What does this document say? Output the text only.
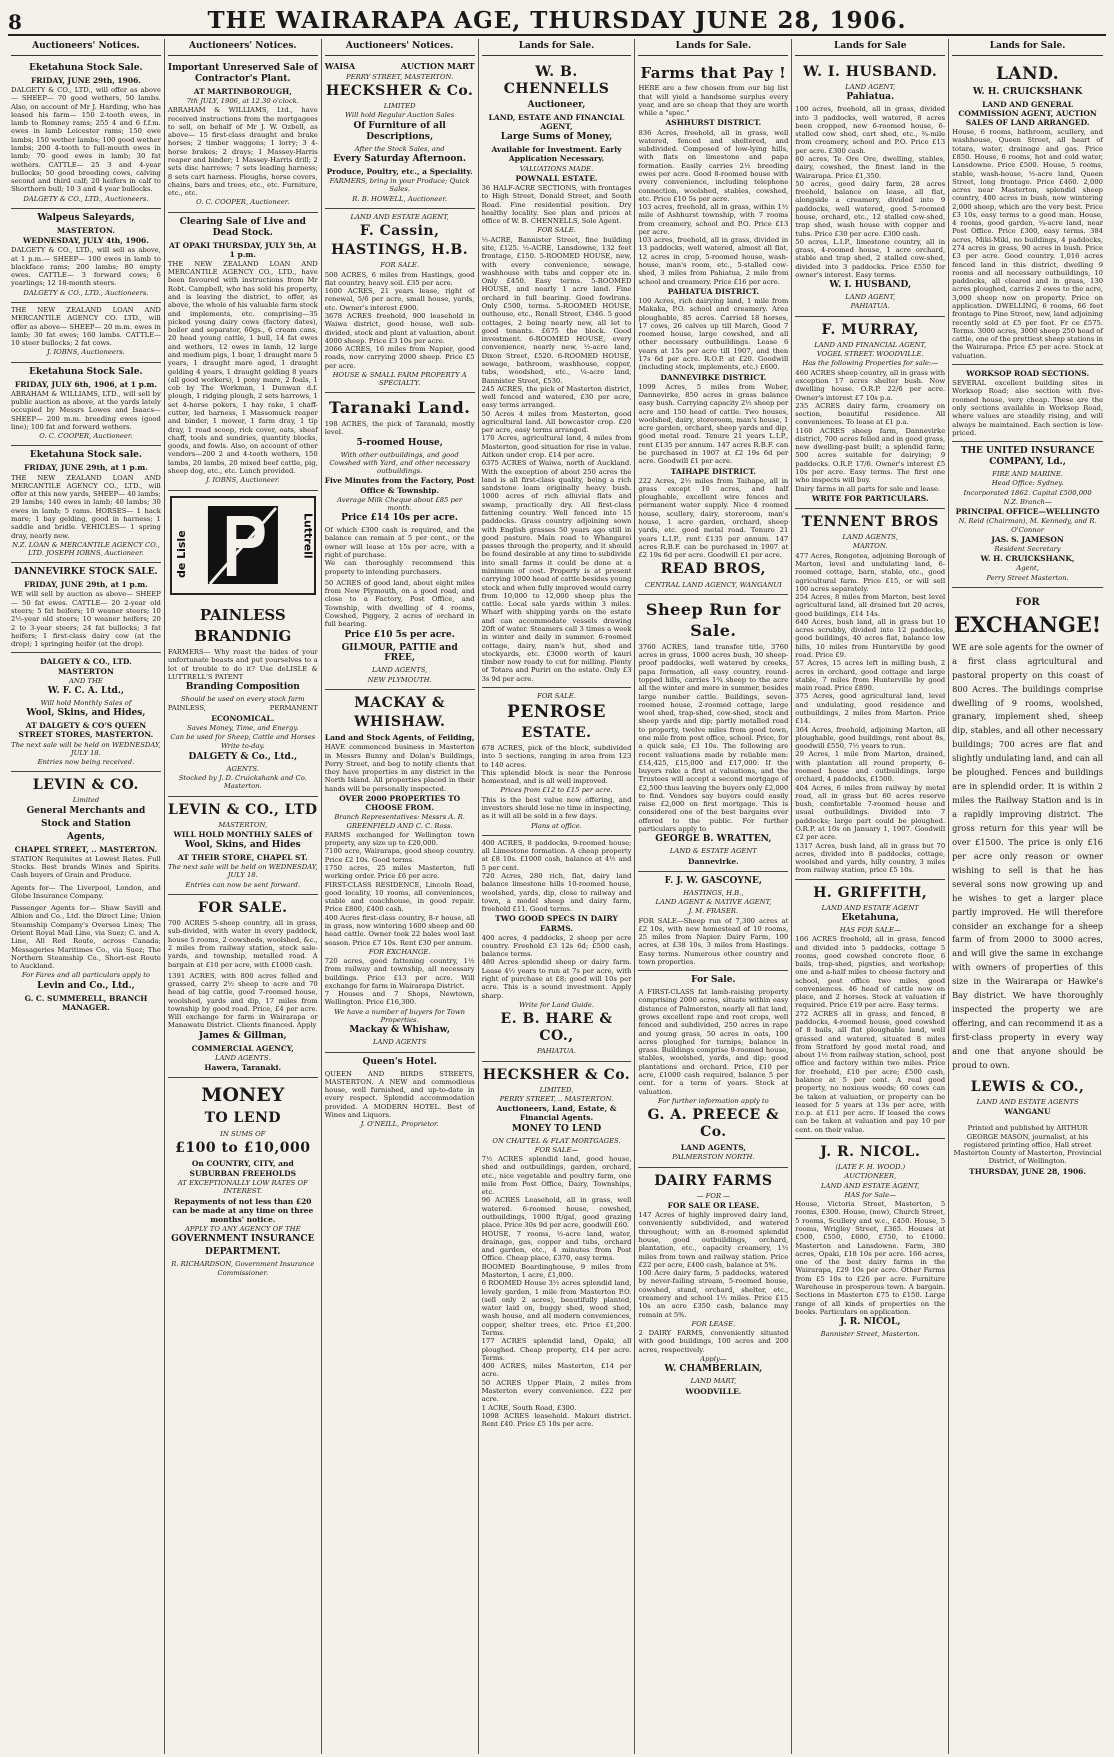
8	THE WAIRARAPA AGE, THURSDAY JUNE 28, 1906.
Auctioneers' Notices.
Eketahuna Stock Sale.
FRIDAY, JUNE 29th, 1906.
DALGETY & CO., LTD., will offer as above— SHEEP— 70 good wethers, 50 lambs. Also, on account of Mr J. Harding, who has leased his farm— 150 2-tooth ewes, in lamb to Romney rams; 255 4 and 6 f.f.m. ewes in lamb Leicester rams; 150 ewe lambs; 150 wether lambs; 100 good wether lambs; 200 4-tooth to full-mouth ewes in lamb; 70 good ewes in lamb; 30 fat wethers. CATTLE— 25 3 and 4-year bullocks; 50 good breeding cows, calving second and third calf; 20 heifers in calf to Shorthorn bull; 10 3 and 4 year bullocks.
DALGETY & CO., LTD., Auctioneers.
Walpeus Saleyards,
MASTERTON.
WEDNESDAY, JULY 4th, 1906.
DALGETY & CO., LTD., will sell as above, at 1 p.m.— SHEEP— 100 ewes in lamb to blackface rams; 200 lambs; 80 empty ewes. CATTLE— 3 forward cows; 6 yearlings; 12 18-month steers.
DALGETY & CO., LTD., Auctioneers.
THE NEW ZEALAND LOAN AND MERCANTILE AGENCY CO. LTD., will offer as above— SHEEP— 20 m.m. ewes in lamb; 30 fat ewes; 160 lambs. CATTLE— 10 steer bullocks; 2 fat cows.
J. IOBNS, Auctioneers.
Eketahuna Stock Sale.
FRIDAY, JULY 6th, 1906, at 1 p.m.
ABRAHAM & WILLIAMS, LTD., will sell by public auction as above, at the yards lately occupied by Messrs Lowes and Isaacs— SHEEP— 200 m.m. breeding ewes (good line); 100 fat and forward wethers.
O. C. COOPER, Auctioneer.
Eketahuna Stock sale.
FRIDAY, JUNE 29th, at 1 p.m.
THE NEW ZEALAND LOAN AND MERCANTILE AGENCY CO., LTD., will offer at this new yards, SHEEP— 40 lambs; 29 lambs; 140 ewes in lamb; 40 lambs; 30 ewes in lamb; 5 rams. HORSES— 1 hack mare; 1 bay gelding, good in harness; 1 saddle and bridle. VEHICLES— 1 spring dray, nearly new.
N.Z. LOAN & MERCANTILE AGENCY CO., LTD. JOSEPH IOBNS, Auctioneer.
DANNEVIRKE STOCK SALE.
FRIDAY, JUNE 29th, at 1 p.m.
WE will sell by auction as above— SHEEP— 50 fat ewes. CATTLE— 20 2-year old steers; 5 fat heifers; 10 weaner steers; 10 2½-year old steers; 10 weaner heifers; 20 2 to 3-year steers; 24 fat bullocks; 3 fat heifers; 1 first-class dairy cow (at the drop); 1 springing heifer (at the drop).
DALGETY & CO., LTD. MASTERTON
AND THE
W. F. C. A. Ltd.,
Will hold Monthly Sales of
Wool, Skins, and Hides,
AT DALGETY & CO'S QUEEN STREET STORES, MASTERTON.
The next sale will be held on WEDNESDAY, JULY 18.
Entries now being received.
LEVIN & CO.
Limited
General Merchants and
Stock and Station
Agents,
CHAPEL STREET, .. MASTERTON.
STATION Requisites at Lowest Rates. Full Stocks. Best brands Wines and Spirits. Cash buyers of Grain and Produce.
Agents for— The Liverpool, London, and Globe Insurance Company.
Passenger Agents for— Shaw Savill and Albion and Co., Ltd. the Direct Line; Union Steamship Company's Oversea Lines; The Orient Royal Mail Line, via Suez; C. and A. Line, All Red Route, across Canada; Messageries Maritimes Co., via Suez; The Northern Steamship Co., Short-est Route to Auckland.
For Fares and all particulars apply to
Levin and Co., Ltd.,
G. C. SUMMERELL, BRANCH MANAGER.
Auctioneers' Notices.
Important Unreserved Sale of Contractor's Plant.
AT MARTINBOROUGH,
7th JULY, 1906, at 12.30 o'clock.
ABRAHAM & WILLIAMS, Ltd., have received instructions from the mortgagees to sell, on behalf of Mr J. W. Ozbell, as above— 15 first-class draught and brake horses; 2 timber waggons; 1 lorry; 3 4-horse brakes; 2 drays; 1 Massey-Harris reaper and binder; 1 Massey-Harris drill; 2 sets disc harrows; 7 sets leading harness; 8 sets cart harness. Ploughs, horse covers, chains, bars and trees, etc., etc. Furniture, etc., etc.
O. C. COOPER, Auctioneer.
Clearing Sale of Live and Dead Stock.
AT OPAKI THURSDAY, JULY 5th, At 1 p.m.
THE NEW ZEALAND LOAN AND MERCANTILE AGENCY CO., LTD., have been favoured with instructions from Mr Robt. Campbell, who has sold his property, and is leaving the district, to offer, as above, the whole of his valuable farm stock and implements, etc. comprising—35 picked young dairy cows (factory dates), boiler and separator, 60gs., 6 cream cans, 20 head young cattle, 1 bull, 14 fat ewes and wethers, 12 ewes in lamb, 12 large and medium pigs, 1 boar, 1 draught mare 5 years, 1 draught mare aged, 1 draught gelding 4 years, 1 draught gelding 8 years (all good workers), 1 pony mare, 2 foals, 1 cob by The Workman, 1 Dunwan d.f. plough, 1 ridging plough, 2 sets harrows, 1 set 4-horse pokers, 1 hay rake, 1 chaff-cutter, led harness, 1 Massomuck reaper and binder, 1 mower, 1 farm dray, 1 tip dray, 1 road scoop, rick cover, oats, sheaf chaff, tools and sundries, quantity blocks, goods, and fowls. Also, on account of other vendors—200 2 and 4-tooth wethers, 150 lambs, 20 lambs, 20 mixed beef cattle, pig, sheep dog, etc., etc. Lunch provided.
J. IOBNS, Auctioneer.
de Lisle	Luttrell
PAINLESS
BRANDNIG
FARMERS— Why roast the hides of your unfortunate beasts and put yourselves to a lot of trouble to do it? Use deLISLE & LUTTRELL'S PATENT
Branding Composition
Should be used on every stock farm
PAINLESS,	PERMANENT
ECONOMICAL.
Saves Money, Time, and Energy.
Can be used for Sheep, Cattle and Horses
Write to-day.
DALGETY & Co., Ltd.,
AGENTS.
Stocked by J. D. Cruickshank and Co. Masterton.
LEVIN & CO., LTD
MASTERTON,
WILL HOLD MONTHLY SALES of
Wool, Skins, and Hides
AT THEIR STORE, CHAPEL ST.
The next sale will be held on WEDNESDAY, JULY 18.
Entries can now be sent forward.
FOR SALE.
700 ACRES 5-sheep country, all in grass, sub-divided, with water in every paddock, house 5 rooms, 2 cowsheds, woolshed, &c., 2 miles from railway station, stock sale-yards, and township, metalled road. A bargain at £10 per acre, with £1000 cash.
1391 ACRES, with 800 acres felled and grassed, carry 2½ sheep to acre and 70 head of big cattle, good 7-roomed house, woolshed, yards and dip, 17 miles from township by good road. Price, £4 per acre. Will exchange for farm in Wairarapa or Manawatu District. Clients financed. Apply
James & Gillman,
COMMERCIAL AGENCY,
LAND AGENTS.
Hawera, Taranaki.
MONEY
TO LEND
IN SUMS OF
£100 to £10,000
On COUNTRY, CITY, and
SUBURBAN FREEHOLDS
AT EXCEPTIONALLY LOW RATES OF INTEREST.
Repayments of not less than £20 can be made at any time on three months' notice.
APPLY TO ANY AGENCY OF THE
GOVERNMENT INSURANCE
DEPARTMENT.
R. RICHARDSON, Government Insurance Commissioner.
Auctioneers' Notices.
WAISA	AUCTION MART
PERRY STREET, MASTERTON.
HECKSHER & Co.
LIMITED
Will hold Regular Auction Sales
Of Furniture of all Descriptions,
After the Stock Sales, and
Every Saturday Afternoon.
Produce, Poultry, etc., a Speciality.
FARMERS, bring in your Produce; Quick Sales.
R. B. HOWELL, Auctioneer.
LAND AND ESTATE AGENT,
F. Cassin,
HASTINGS, H.B.
FOR SALE.
500 ACRES, 6 miles from Hastings, good flat country, heavy soil. £35 per acre.
1600 ACRES, 21 years lease, right of renewal, 5/6 per acre, small house, yards, etc. Owner's interest £900.
3678 ACRES freehold, 900 leasehold in Waiwa district, good house, well sub-divided, stock and plant at valuation, about 4000 sheep. Price £3 10s per acre.
2066 ACRES, 16 miles from Napier, good roads, now carrying 2000 sheep. Price £5 per acre.
HOUSE & SMALL FARM PROPERTY A SPECIALTY.
Taranaki Land.
198 ACRES, the pick of Taranaki, mostly level.
5-roomed House,
With other outbuildings, and good Cowshed with Yard, and other necessary outbuildings.
Five Minutes from the Factory, Post Office & Township.
Average Milk Cheque about £85 per month.
Price £14 10s per acre.
Of which £300 cash is required, and the balance can remain at 5 per cent., or the owner will lease at 15s per acre, with a right of purchase.
We can thoroughly recommend this property to intending purchasers.
50 ACRES of good land, about eight miles from New Plymouth, on a good road, and close to a Factory, Post Office, and Township, with dwelling of 4 rooms, Cowshed, Piggery, 2 acres of orchard in full bearing.
Price £10 5s per acre.
GILMOUR, PATTIE and FREE,
LAND AGENTS,
NEW PLYMOUTH.
MACKAY &
WHISHAW.
Land and Stock Agents, of Feilding,
HAVE commenced business in Masterton in Messrs Bunny and Dolan's Buildings, Perry Street, and beg to notify clients that they have properties in any district in the North Island. All properties placed in their hands will be personally inspected.
OVER 2000 PROPERTIES TO CHOOSE FROM.
Branch Representatives: Messrs A. R. GREENFIELD AND C. C. Ross.
FARMS exchanged for Wellington town property, any size up to £20,000.
7100 acre, Wairarapa, good sheep country. Price £2 10s. Good terms.
1750 acres, 25 miles Masterton, full working order. Price £6 per acre.
FIRST-CLASS RESIDENCE, Lincoln Road, good locality, 10 rooms, all conveniences, stable and coachhouse, in good repair. Price £800, £400 cash.
400 Acres first-class country, 8-r house, all in grass, now wintering 1600 sheep and 60 head cattle. Owner took 22 bales wool last season. Price £7 10s. Rent £30 per annum.
FOR EXCHANGE.
720 acres, good fattening country, 1½ from railway and township, all necessary buildings. Price £13 per acre. Will exchange for farm in Wairarapa District.
7 Houses and 7 Shops, Newtown, Wellington. Price £16,300.
We have a number of buyers for Town Properties.
Mackay & Whishaw,
LAND AGENTS
Queen's Hotel.
QUEEN AND BIRDS STREETS, MASTERTON. A NEW and commodious house, well furnished, and up-to-date in every respect. Splendid accommodation provided. A MODERN HOTEL. Best of Wines and Liquors.
J. O'NEILL, Proprietor.
Lands for Sale.
W. B. CHENNELLS
Auctioneer,
LAND, ESTATE AND FINANCIAL AGENT,
Large Sums of Money,
Available for Investment. Early Application Necessary.
VALUATIONS MADE.
POWNALL ESTATE.
36 HALF-ACRE SECTIONS, with frontages to High Street, Donald Street, and South Road. Fine residential position. Dry healthy locality. See plan and prices at office of W. B. CHENNELLS, Sole Agent.
FOR SALE.
½-ACRE, Bannister Street, fine building site, £125. ½-ACRE, Lansdowne, 132 feet frontage, £150. 5-ROOMED HOUSE, new, with every convenience, sewage, washhouse with tubs and copper etc in. Only £450. Easy terms. 5-ROOMED HOUSE, and nearly 1 acre land. Fine orchard in full bearing. Good fowlruns. Only £500, terms. 5-ROOMED HOUSE, outhouse, etc., Renall Street, £346. 5 good cottages, 2 being nearly new, all let to good tenants. £675 the block. Good investment. 6-ROOMED HOUSE, every convenience, nearly new, ½-acre land, Dixon Street, £520. 6-ROOMED HOUSE, sewage, bathroom, washhouse, copper, tubs, woodshed, etc., ¼-acre land, Bannister Street, £530.
245 ACRES, the pick of Masterton district, well fenced and watered, £30 per acre, easy terms arranged.
50 Acres 4 miles from Masterton, good agricultural land. All bowcaster crop. £20 per acre, easy terms arranged.
170 Acres, agricultural land, 4 miles from Masterton, good situation for rise in value. Aitken under crop. £14 per acre.
6375 ACRES of Waiwa, north of Auckland. With the exception of about 250 acres the land is all first-class quality, being a rich sandstone loam originally heavy bush. 1000 acres of rich alluvial flats and swamp, practically dry. All first-class fattening country. Well fenced into 15 paddocks. Grass country adjoining sown with English grasses 50 years ago still in good pasture. Main road to Whangarei passes through the property, and it should be found desirable at any time to subdivide into small farms it could be done at a minimum of cost. Property is at present carrying 1000 head of cattle besides young stock and when fully improved would carry from 10,000 to 12,000 sheep plus the cattle. Local sale yards within 3 miles. Wharf with shipping yards on the estate and can accommodate vessels drawing 20ft of water. Steamers call 3 times a week in winter and daily in summer. 6-roomed cottage, dairy, man's hut, shed and stockyards, etc. £3000 worth of kauri timber now ready to cut for milling. Plenty of Totara and Puriri on the estate. Only £3 3s 9d per acre.
FOR SALE.
PENROSE
ESTATE.
678 ACRES, pick of the block, subdivided into 5 sections, ranging in area from 123 to 140 acres.
This splendid block is near the Penrose homestead, and is all well improved.
Prices from £12 to £15 per acre.
This is the best value now offering, and investors should lose no time in inspecting, as it will all be sold in a few days.
Plans at office.
400 ACRES, 8 paddocks, 9-roomed house; all Limestone formation. A cheap property at £8 10s. £1000 cash, balance at 4½ and 5 per cent.
720 Acres, 280 rich, flat, dairy land balance limestone hills 10-roomed house, woolshed, yards, dip, close to railway and town, a model sheep and dairy farm, freehold £11. Good terms.
TWO GOOD SPECS IN DAIRY FARMS.
400 acres, 4 paddocks, 2 sheep per acre country. Freehold £3 12s 6d; £500 cash, balance terms.
480 Acres splendid sheep or dairy farm. Lease 4½ years to run at 7s per acre, with right of purchase at £8; good will 10s per acre. This is a sound investment. Apply sharp.
Write for Land Guide.
E. B. HARE & CO.,
PAHIATUA.
HECKSHER & Co.
LIMITED,
PERRY STREET, .. MASTERTON.
Auctioneers, Land, Estate, & Financial Agents.
MONEY TO LEND
ON CHATTEL & FLAT MORTGAGES.
FOR SALE—
7½ ACRES splendid land, good house, shed and outbuildings, garden, orchard, etc., nice vegetable and poultry farm, one mile from Post Office, Dairy, Townships, etc.
96 ACRES Leasehold, all in grass, well watered. 6-roomed house, cowshed, outbuildings, 1000 ft/gal, good grazing place. Price 30s 9d per acre, goodwill £60.
HOUSE, 7 rooms, ½-acre land, water, drainage, gas, copper and tubs, orchard and garden, etc., 4 minutes from Post Office. Cheap place, £370, easy terms.
BOOMED Boardinghouse, 9 miles from Masterton, 1 acre, £1,000.
6 ROOMED House 3½ acres splendid land, lovely garden, 1 mile from Masterton P.O. (sell only 2 acres), beautifully planted, water laid on, buggy shed, wood shed, wash house, and all modern conveniences, copper, shelter trees, etc. Price £1,200. Terms.
177 ACRES splendid land, Opaki, all ploughed. Cheap property, £14 per acre. Terms.
400 ACRES, miles Masterton, £14 per acre.
50 ACRES Upper Plain, 2 miles from Masterton every convenience. £22 per acre.
1 ACRE, South Road, £300.
1098 ACRES leasehold. Makuri district. Rent £40. Price £5 10s per acre.
Lands for Sale.
Farms that Pay !
HERE are a few chosen from our big list that will yield a handsome surplus every year, and are so cheap that they are worth while a "spec."
ASHHURST DISTRICT.
836 Acres, freehold, all in grass, well watered, fenced and sheltered, and subdivided. Composed of low-lying hills, with flats on limestone and papa formation. Easily carries 2½ breeding ewes per acre. Good 8-roomed house with every convenience, including telephone connection, woolshed, stables, cowshed, etc. Price £10 5s per acre.
103 acres, freehold, all in grass, within 1½ mile of Ashhurst township, with 7 rooms from creamery, school and P.O. Price £13 per acre.
103 acres, freehold, all in grass, divided in 13 paddocks, well watered, almost all flat, 12 acres in crop, 5-roomed house, wash-house, man's room, etc., 5-stalled cow-shed, 3 miles from Pahiatua, 2 mile from school and creamery. Price £16 per acre.
PAHIATUA DISTRICT.
100 Acres, rich dairying land, 1 mile from Makaka, P.O. school and creamery. Area ploughable, 85 acres. Carried 18 horses, 17 cows, 26 calves up till March, Good 7 roomed house, large cowshed, and all other necessary outbuildings. Lease 6 years at 15s per acre till 1907, and then 17s 6d per acre. R.O.P. at £20. Goodwill (including stock, implements, etc.) £600.
DANNEVIRKE DISTRICT.
1099 Acres, 5 miles from Weber, Dannevirke, 850 acres in grass balance easy bush. Carrying capacity 2½ sheep per acre and 150 head of cattle. Two houses, woolshed, dairy, storeroom, man's house, 1 acre garden, orchard, sheep yards and dip, good metal road. Tenure 21 years L.I.P., rent £135 per annum. 147 acres R.B.F. can be purchased in 1907 at £2 19s 6d per acre. Goodwill £1 per acre.
TAIHAPE DISTRICT.
222 Acres, 2½ miles from Taihape, all in grass except 10 acres, and half ploughable, excellent wire fences and permanent water supply. Nice 4 roomed house, scullery, dairy, storeroom, man's house, 1 acre garden, orchard, sheep yards, etc. good metal road. Tenure 21 years L.I.P., rent £135 per annum. 147 acres R.B.F. can be purchased in 1907 at £2 19s 6d per acre. Goodwill £1 per acre.
READ BROS,
CENTRAL LAND AGENCY, WANGANUI
Sheep Run for
Sale.
3760 ACRES, land transfer title, 3760 acres in grass, 1000 acres bush, 30 sheep-proof paddocks, well watered by creeks, papa formation, all easy country, round-topped hills, carries 1¾ sheep to the acre all the winter and more in summer, besides large number cattle. Buildings, seven-roomed house, 2-roomed cottage, large wool shed, trap-shed, cow-shed, stock and sheep yards and dip; partly metalled road to property, twelve miles from good town, one mile from post office, school. Price, for a quick sale, £3 10s. The following are recent valuations made by reliable men: £14,425, £15,000 and £17,000. If the buyers rake a first at valuations, and the Trustees will accept a second mortgage of £2,500 thus leaving the buyers only £2,000 to find. Vendors say buyers could easily raise £2,000 on first mortgage. This is considered one of the best bargains ever offered to the public. For further particulars apply to
GEORGE B. WRATTEN,
LAND & ESTATE AGENT
Dannevirke.
F. J. W. GASCOYNE,
HASTINGS, H.B.,
LAND AGENT & NATIVE AGENT,
J. M. FRASER.
FOR SALE—Sheep run of 7,300 acres at £2 10s, with new homestead of 10 rooms, 25 miles from Napier. Dairy Farm, 100 acres, at £38 10s, 3 miles from Hastings. Easy terms. Numerous other country and town properties.
For Sale.
A FIRST-CLASS fat lamb-raising property comprising 2000 acres, situate within easy distance of Palmerston, nearly all flat land, grows excellent rape and root crops, well fenced and subdivided, 250 acres in rape and young grass, 50 acres in oats, 100 acres ploughed for turnips, balance in grass. Buildings comprise 9-roomed house, stables, woolshed, yards, and dip; good plantations and orchard. Price, £10 per acre, £1000 cash required, balance 5 per cent. for a term of years. Stock at valuation.
For further information apply to
G. A. PREECE & Co.
LAND AGENTS,
PALMERSTON NORTH.
DAIRY FARMS
— FOR —
FOR SALE OR LEASE.
147 Acres of highly improved dairy land, conveniently subdivided, and watered throughout; with an 8-roomed splendid house, good outbuildings, orchard, plantation, etc., capacity creamery, 1½ miles from town and railway station. Price £22 per acre, £400 cash, balance at 5%.
100 Acre dairy farm, 5 paddocks, watered by never-failing stream, 5-roomed house, cowshed, stand, orchard, shelter, etc., creamery and school 1½ miles. Price £15 10s an acre £350 cash, balance may remain at 5%.
FOR LEASE.
2 DAIRY FARMS, conveniently situated with good buildings, 100 acres and 200 acres, respectively.
Apply—
W. CHAMBERLAIN,
LAND MART,
WOODVILLE.
Lands for Sale
W. I. HUSBAND.
LAND AGENT,
Pahiatua.
100 acres, freehold, all in grass, divided into 3 paddocks, well watered, 8 acres been cropped, new 6-roomed house, 6-stalled cow shed, cart shed, etc., ¾-mile from creamery, school and P.O. Price £13 per acre. £300 cash.
80 acres, Te Ore Ore, dwelling, stables, dairy, cowshed, the finest land in the Wairarapa. Price £1,350.
50 acres, good dairy farm, 28 acres freehold, balance on lease, all flat, alongside a creamery, divided into 9 paddocks, well watered, good 5-roomed house, orchard, etc., 12 stalled cow-shed, trap shed, wash house with copper and tubs. Price £30 per acre. £300 cash.
50 acres, L.I.P., limestone country, all in grass, 4-roomed house, 1 acre orchard, stable and trap shed, 2 stalled cow-shed, divided into 3 paddocks. Price £550 for owner's interest. Easy terms.
W. I. HUSBAND,
LAND AGENT,
PAHIATUA.
F. MURRAY,
LAND AND FINANCIAL AGENT,
VOGEL STREET. WOODVILLE.
Has the following Properties for sale:—
460 ACRES sheep country, all in grass with exception 17 acres shelter bush. Now dwelling house. O.R.P. 22/6 per acre. Owner's interest £7 10s p.a.
235 ACRES dairy farm, creamery on section, beautiful residence. All conveniences. To lease at £1 p.a.
1160 ACRES sheep farm, Dannevirke district, 700 acres felled and in good grass, new dwelling-past built; a splendid farm; 500 acres suitable for dairying; 9 paddocks. O.R.P. 17/6. Owner's interest £5 10s per acre. Easy terms. The first one who inspects will buy.
Dairy farms in all parts for sale and lease.
WRITE FOR PARTICULARS.
TENNENT BROS
LAND AGENTS,
MARTON.
477 Acres, Rongotea, adjoining Borough of Marton, level and undulating land, 6-roomed cottage, barn, stable, etc., good agricultural farm. Price £15, or will sell 100 acres separately.
254 Acres, 8 miles from Marton, best level agricultural land, all drained but 20 acres, good buildings, £14 14s.
640 Acres, bush land, all in grass but 10 acres scrubby, divided into 12 paddocks, good buildings, 40 acres flat, balance low hills, 10 miles from Hunterville by good road. Price £9.
57 Acres, 15 acres left in milling bush, 2 acres in orchard, good cottage and large stable, 7 miles from Hunterville by good main road. Price £890.
375 Acres, good agricultural land, level and undulating, good residence and outbuildings, 2 miles from Marton. Price £14.
364 Acres, freehold, adjoining Marton, all ploughable, good buildings, rent about 8s, goodwill £550, 7½ years to run.
29 Acres, 1 mile from Marton, drained, with plantation all round property, 6-roomed house and outbuildings, large orchard, 4 paddocks, £1500.
404 Acres, 6 miles from railway by metal road, all in grass but 60 acres reserve bush, comfortable 7-roomed house and usual outbuildings. Divided into 7 paddocks; large part could be ploughed. O.R.P. at 10s on January 1, 1907. Goodwill £2 per acre.
1317 Acres, bush land, all in grass but 70 acres, divided into 8 paddocks, cottage, woolshed and yards, hilly country, 3 miles from railway station, price £5 10s.
H. GRIFFITH,
LAND AND ESTATE AGENT
Eketahuna,
HAS FOR SALE—
106 ACRES freehold, all in grass, fenced and divided into 5 paddocks, cottage 5 rooms, good cowshed concrete floor, 6 bails, trap-shed, pigsties, and workshop; one and a-half miles to cheese factory and school, post office two miles, good conveniences. 46 head of cattle now on place, and 2 horses. Stock at valuation if required. Price £19 per acre. Easy terms.
272 ACRES all in grass, and fenced, 8 paddocks, 4-roomed house, good cowshed of 8 bails, all flat ploughable land, well grassed and watered, situated 8 miles from Stratford by good metal road, and about 1½ from railway station, school, post office and factory within two miles. Price for freehold, £10 per acre; £500 cash, balance at 5 per cent. A real good property, no noxious weeds; 60 cows can be taken at valuation, or property can be leased for 5 years at 13s per acre, with r.o.p. at £11 per acre. If leased the cows can be taken at valuation and pay 10 per cent. on their value.
J. R. NICOL.
(LATE F. H. WOOD.)
AUCTIONEER,
LAND AND ESTATE AGENT,
HAS for Sale—
House, Victoria Street, Masterton, 5 rooms, £300. House, (new), Church Street, 5 rooms, Scullery and w.c., £450. House, 5 rooms, Wrigley Street, £365. Houses at £500, £550, £600, £750, to £1000. Masterton and Lansdowne. Farm, 380 acres, Opaki, £18 10s per acre. 166 acres, one of the best dairy farms in the Wairarapa, £29 10s per acre. Other Farms from £5 10s to £26 per acre. Furniture Warehouse in prosperous town. A bargain. Sections in Masterton £75 to £150. Large range of all kinds of properties on the books. Particulars on application.
J. R. NICOL,
Bannister Street, Masterton.
Lands for Sale.
LAND.
W. H. CRUICKSHANK
LAND AND GENERAL COMMISSION AGENT, AUCTION SALES OF LAND ARRANGED.
House, 6 rooms, bathroom, scullery, and washhouse, Queen Street, all heart of totara, water, drainage and gas. Price £850. House, 6 rooms, hot and cold water, Lansdowne. Price £500. House, 5 rooms, stable, wash-house, ½-acre land, Queen Street, long frontage. Price £460. 2,000 acres near Masterton, splendid sheep country, 400 acres in bush, now wintering 2,000 sheep, which are the very best. Price £3 10s, easy terms to a good man. House, 4 rooms, good garden, ¼-acre land, near Post Office. Price £300, easy terms. 384 acres, Miki-Miki, no buildings, 4 paddocks, 274 acres in grass, 90 acres in bush. Price £3 per acre. Good country. 1,016 acres fenced land in this district, dwelling 9 rooms and all necessary outbuildings, 10 paddocks, all cleared and in grass, 130 acres ploughed, carries 2 ewes to the acre, 3,000 sheep now on property. Price on application. DWELLING, 6 rooms, 66 feet frontage to Pine Street, new, land adjoining recently sold at £5 per foot. Fr ce £575. Terms. 3000 acres, 3000 sheep 250 head of cattle, one of the prettiest sheep stations in the Wairarapa. Price £5 per acre. Stock at valuation.
WORKSOP ROAD SECTIONS.
SEVERAL excellent building sites in Worksop Road; also section with five-roomed house, very cheap. These are the only sections available in Worksop Road, where values are steadily rising, and will always be maintained. Each section is low-priced.
THE UNITED INSURANCE COMPANY, Ld.,
FIRE AND MARINE.
Head Office: Sydney.
Incorporated 1862. Capital £500,000
N.Z. Branch—
PRINCIPAL OFFICE—WELLINGTO
N. Reid (Chairman), M. Kennedy, and R. O'Connor
JAS. S. JAMESON
Resident Secretary
W. H. CRUICKSHANK,
Agent,
Perry Street Masterton.
FOR
EXCHANGE!
WE are sole agents for the owner of a first class agricultural and pastoral property on this coast of 800 Acres. The buildings comprise dwelling of 9 rooms, woolshed, granary, implement shed, sheep dip, stables, and all other necessary buildings; 700 acres are flat and slightly undulating land, and can all be ploughed. Fences and buildings are in splendid order. It is within 2 miles the Railway Station and is in a rapidly improving district. The gross return for this year will be over £1500. The price is only £16 per acre only reason or owner wishing to sell is that he has several sons now growing up and he wishes to get a larger place partly improved. He will therefore consider an exchange for a sheep farm of from 2000 to 3000 acres, and will give the same in exchange with owners of properties of this size in the Wairarapa or Hawke's Bay district. We have thoroughly inspected the property we are offering, and can recommend it as a first-class property in every way and one that anyone should be proud to own.
LEWIS & CO.,
LAND AND ESTATE AGENTS
WANGANU
Printed and published by ARTHUR GEORGE MASON, journalist, at his registered printing office, Hall street Masterton County of Masterton, Provincial District, of Wellington.
THURSDAY, JUNE 28, 1906.
